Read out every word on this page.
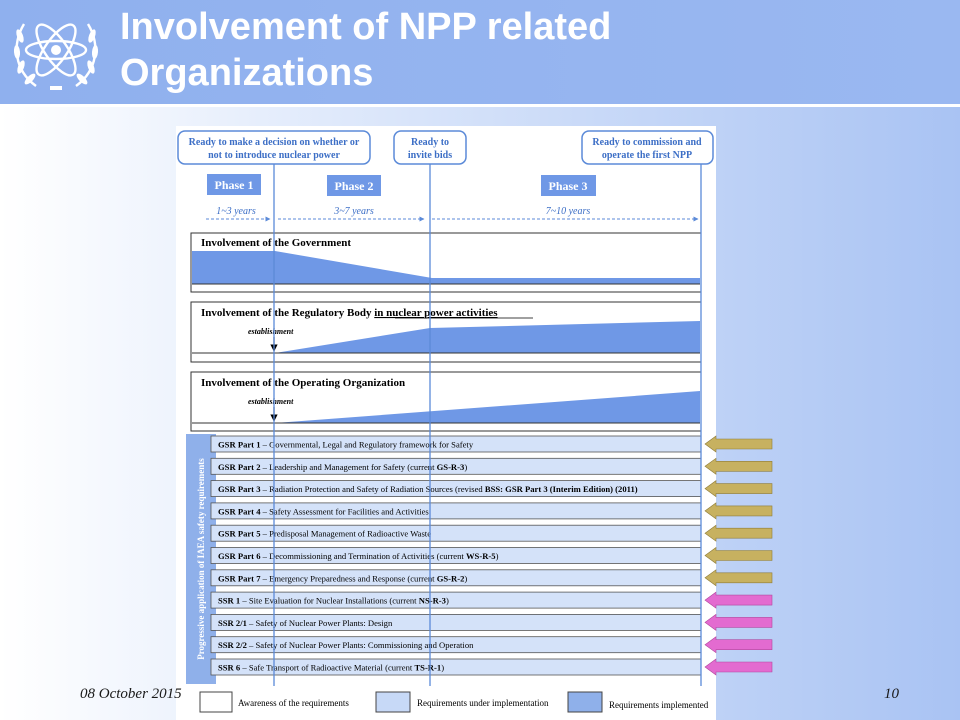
Involvement of NPP related
Organizations
Ready to make a decision on whether or
not to introduce nuclear power
Ready to
invite bids
Ready to commission and
operate the first NPP
Phase 1	Phase 2	Phase 3
1~3 years	3~7 years	7~10 years
Involvement of the Government
Involvement of the Regulatory Body in nuclear power activities
establishment
Involvement of the Operating Organization
establishment
Progressive application of IAEA safety requirements
GSR Part 1 – Governmental, Legal and Regulatory framework for Safety
GSR Part 2 – Leadership and Management for Safety (current GS-R-3)
GSR Part 3 – Radiation Protection and Safety of Radiation Sources (revised BSS: GSR Part 3 (Interim Edition) (2011)
GSR Part 4 – Safety Assessment for Facilities and Activities
GSR Part 5 – Predisposal Management of Radioactive Waste
GSR Part 6 – Decommissioning and Termination of Activities (current WS-R-5)
GSR Part 7 – Emergency Preparedness and Response (current GS-R-2)
SSR 1 – Site Evaluation for Nuclear Installations (current NS-R-3)
SSR 2/1 – Safety of Nuclear Power Plants: Design
SSR 2/2 – Safety of Nuclear Power Plants: Commissioning and Operation
SSR 6 – Safe Transport of Radioactive Material (current TS-R-1)
Awareness of the requirements	Requirements under implementation	Requirements implemented
08 October 2015	10
